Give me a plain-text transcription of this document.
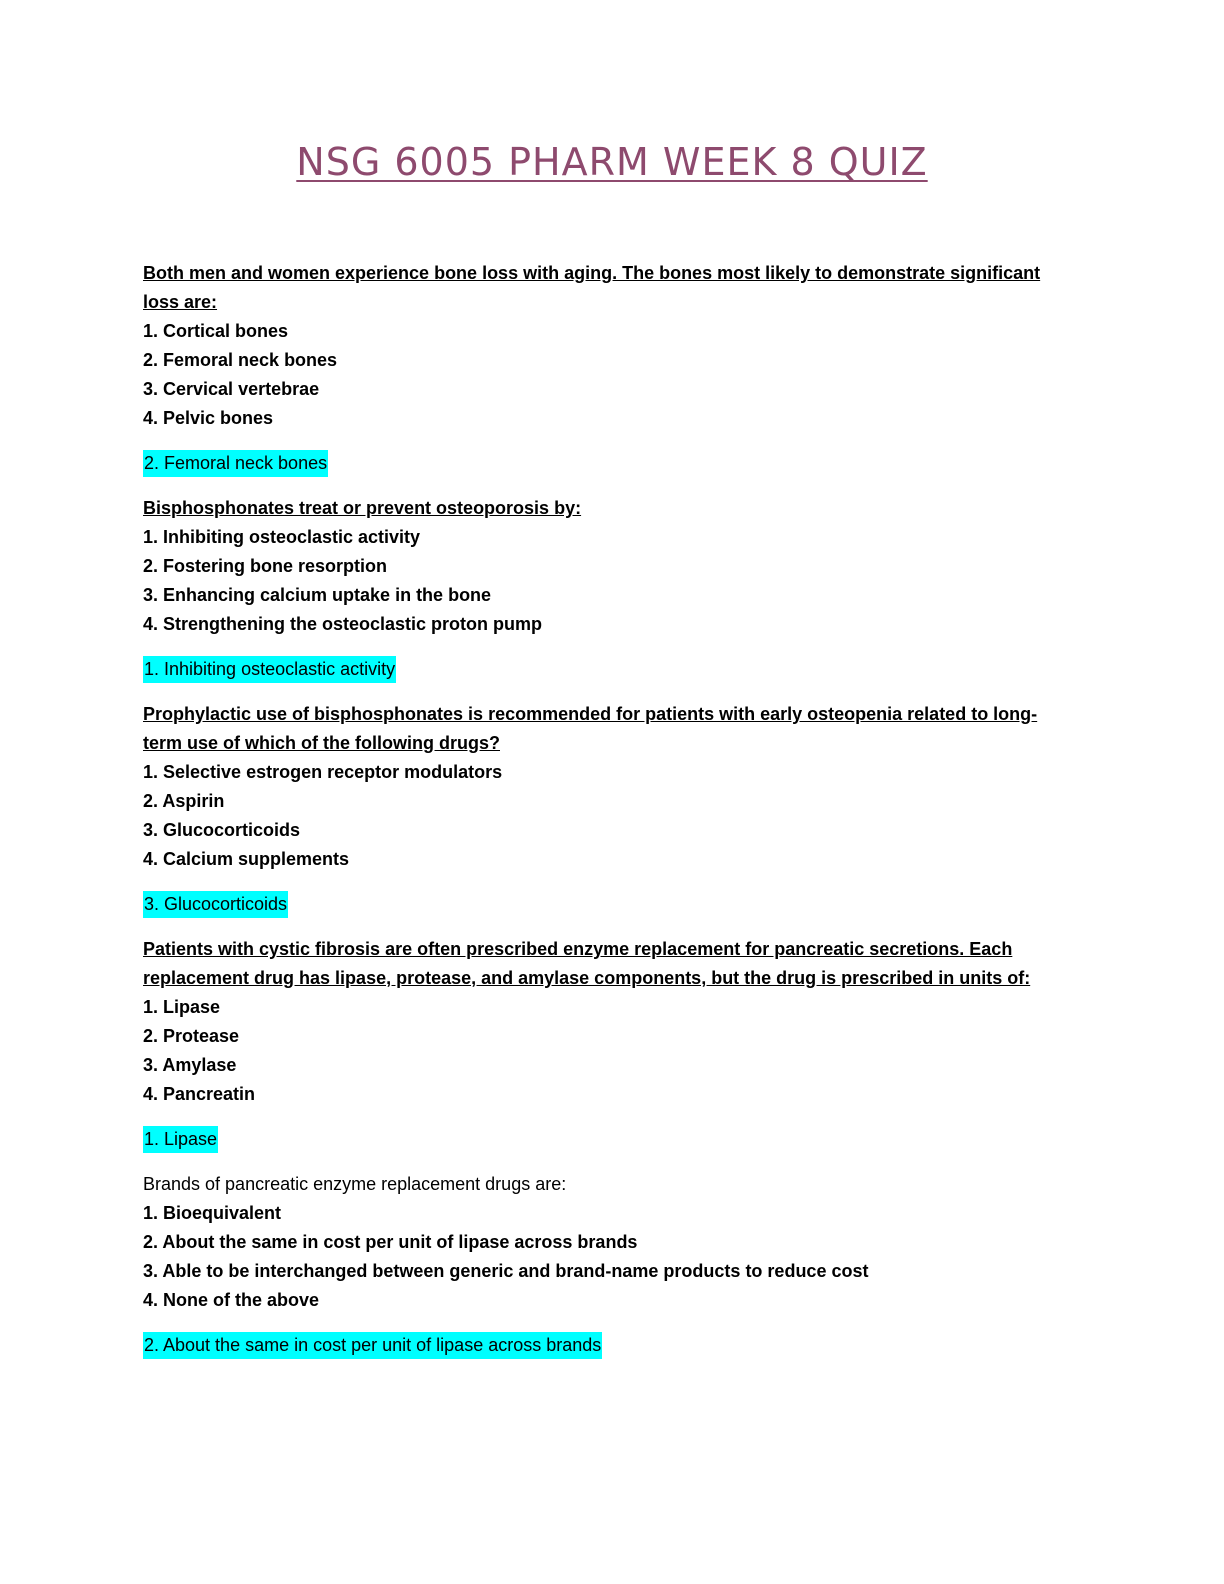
NSG 6005 PHARM WEEK 8 QUIZ

Both men and women experience bone loss with aging. The bones most likely to demonstrate significant loss are:

1. Cortical bones

2. Femoral neck bones

3. Cervical vertebrae

4. Pelvic bones

2. Femoral neck bones

Bisphosphonates treat or prevent osteoporosis by:

1. Inhibiting osteoclastic activity

2. Fostering bone resorption

3. Enhancing calcium uptake in the bone

4. Strengthening the osteoclastic proton pump

1. Inhibiting osteoclastic activity

Prophylactic use of bisphosphonates is recommended for patients with early osteopenia related to long-term use of which of the following drugs?

1. Selective estrogen receptor modulators

2. Aspirin

3. Glucocorticoids

4. Calcium supplements

3. Glucocorticoids

Patients with cystic fibrosis are often prescribed enzyme replacement for pancreatic secretions. Each replacement drug has lipase, protease, and amylase components, but the drug is prescribed in units of:

1. Lipase

2. Protease

3. Amylase

4. Pancreatin

1. Lipase

Brands of pancreatic enzyme replacement drugs are:

1. Bioequivalent

2. About the same in cost per unit of lipase across brands

3. Able to be interchanged between generic and brand-name products to reduce cost

4. None of the above

2. About the same in cost per unit of lipase across brands
